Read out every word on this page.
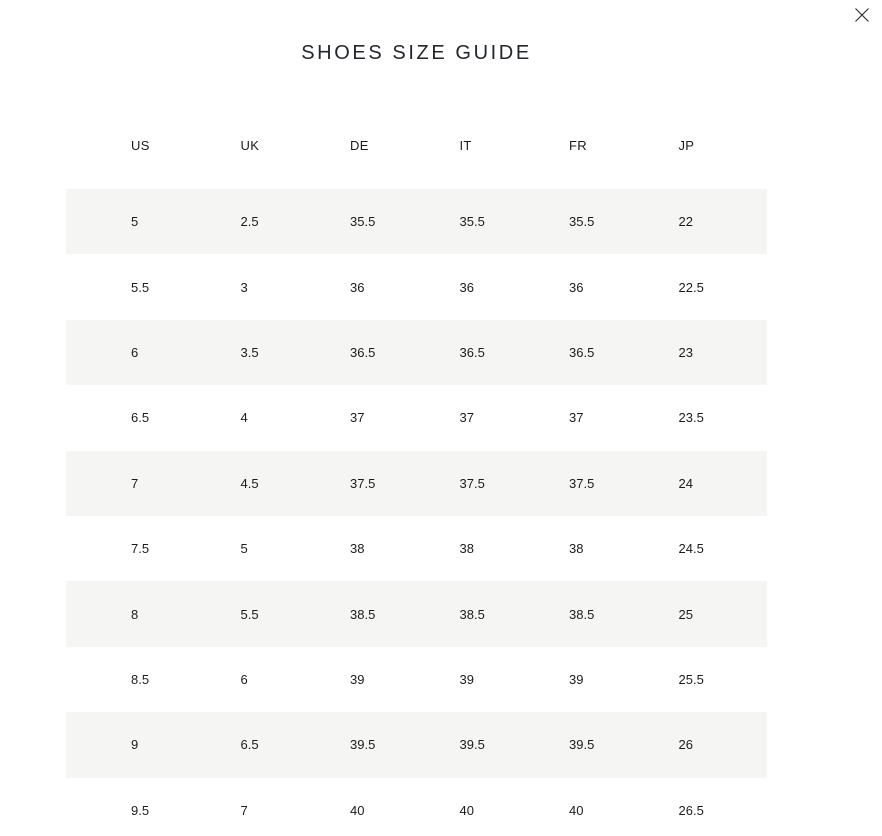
SHOES SIZE GUIDE
US	UK	DE	IT	FR	JP
5	2.5	35.5	35.5	35.5	22
5.5	3	36	36	36	22.5
6	3.5	36.5	36.5	36.5	23
6.5	4	37	37	37	23.5
7	4.5	37.5	37.5	37.5	24
7.5	5	38	38	38	24.5
8	5.5	38.5	38.5	38.5	25
8.5	6	39	39	39	25.5
9	6.5	39.5	39.5	39.5	26
9.5	7	40	40	40	26.5
